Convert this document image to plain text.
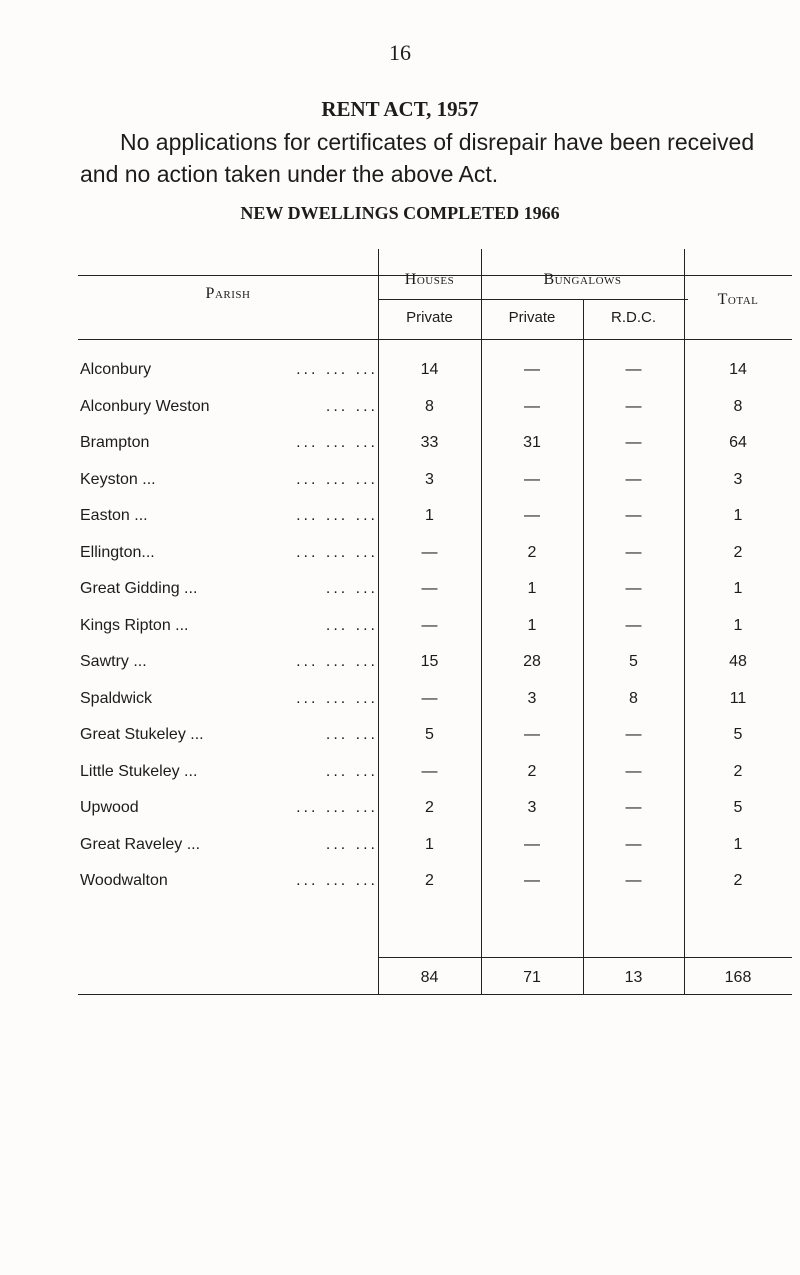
16
RENT ACT, 1957
No applications for certificates of disrepair have been received
and no action taken under the above Act.
NEW DWELLINGS COMPLETED 1966
Parish
Houses	Bungalows
Total
Private	Private	R.D.C.
Alconbury	... ... ...	14	—	—	14
Alconbury Weston	... ...	8	—	—	8
Brampton	... ... ...	33	31	—	64
Keyston ...	... ... ...	3	—	—	3
Easton ...	... ... ...	1	—	—	1
Ellington...	... ... ...	—	2	—	2
Great Gidding ...	... ...	—	1	—	1
Kings Ripton ...	... ...	—	1	—	1
Sawtry ...	... ... ...	15	28	5	48
Spaldwick	... ... ...	—	3	8	11
Great Stukeley ...	... ...	5	—	—	5
Little Stukeley ...	... ...	—	2	—	2
Upwood	... ... ...	2	3	—	5
Great Raveley ...	... ...	1	—	—	1
Woodwalton	... ... ...	2	—	—	2
84	71	13	168
